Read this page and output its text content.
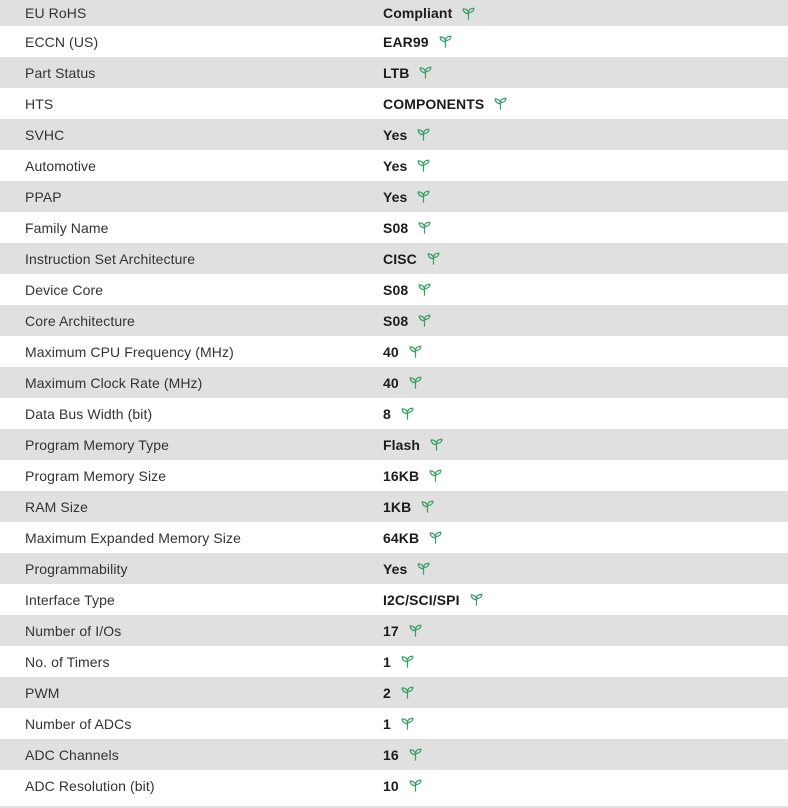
EU RoHS	Compliant
ECCN (US)	EAR99
Part Status	LTB
HTS	COMPONENTS
SVHC	Yes
Automotive	Yes
PPAP	Yes
Family Name	S08
Instruction Set Architecture	CISC
Device Core	S08
Core Architecture	S08
Maximum CPU Frequency (MHz)	40
Maximum Clock Rate (MHz)	40
Data Bus Width (bit)	8
Program Memory Type	Flash
Program Memory Size	16KB
RAM Size	1KB
Maximum Expanded Memory Size	64KB
Programmability	Yes
Interface Type	I2C/SCI/SPI
Number of I/Os	17
No. of Timers	1
PWM	2
Number of ADCs	1
ADC Channels	16
ADC Resolution (bit)	10
